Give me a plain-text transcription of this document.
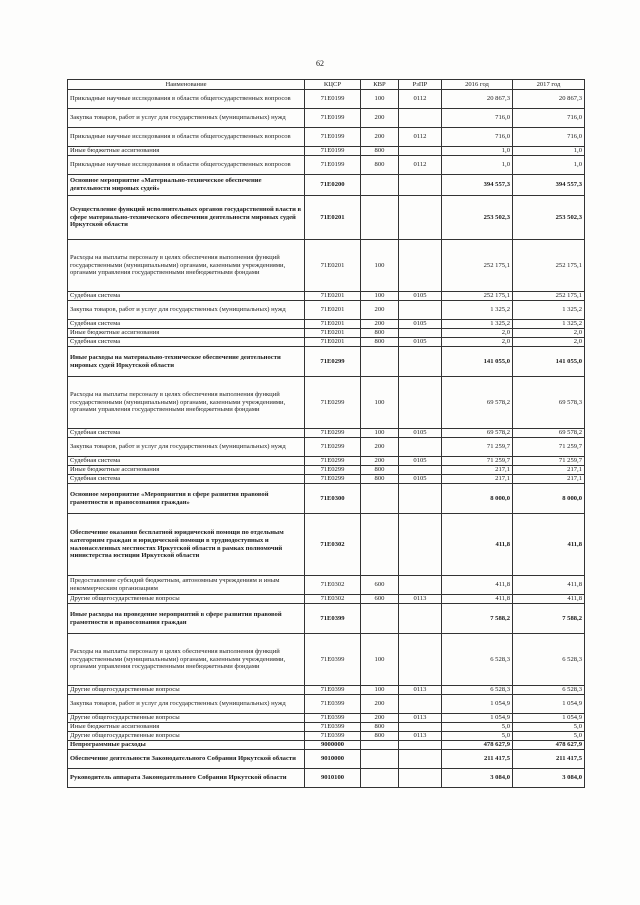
62
Наименование	КЦСР	КВР	РзПР	2016 год	2017 год
Прикладные научные исследования в области общегосударственных вопросов	71Е0199	100	0112	20 867,3	20 867,3
Закупка товаров, работ и услуг для государственных (муниципальных) нужд	71Е0199	200		716,0	716,0
Прикладные научные исследования в области общегосударственных вопросов	71Е0199	200	0112	716,0	716,0
Иные бюджетные ассигнования	71Е0199	800		1,0	1,0
Прикладные научные исследования в области общегосударственных вопросов	71Е0199	800	0112	1,0	1,0
Основное мероприятие «Материально-техническое обеспечение деятельности мировых судей»	71Е0200			394 557,3	394 557,3
Осуществление функций исполнительных органов государственной власти в сфере материально-технического обеспечения деятельности мировых судей Иркутской области	71Е0201			253 502,3	253 502,3
Расходы на выплаты персоналу в целях обеспечения выполнения функций государственными (муниципальными) органами, казенными учреждениями, органами управления государственными внебюджетными фондами	71Е0201	100		252 175,1	252 175,1
Судебная система	71Е0201	100	0105	252 175,1	252 175,1
Закупка товаров, работ и услуг для государственных (муниципальных) нужд	71Е0201	200		1 325,2	1 325,2
Судебная система	71Е0201	200	0105	1 325,2	1 325,2
Иные бюджетные ассигнования	71Е0201	800		2,0	2,0
Судебная система	71Е0201	800	0105	2,0	2,0
Иные расходы на материально-техническое обеспечение деятельности мировых судей Иркутской области	71Е0299			141 055,0	141 055,0
Расходы на выплаты персоналу в целях обеспечения выполнения функций государственными (муниципальными) органами, казенными учреждениями, органами управления государственными внебюджетными фондами	71Е0299	100		69 578,2	69 578,3
Судебная система	71Е0299	100	0105	69 578,2	69 578,2
Закупка товаров, работ и услуг для государственных (муниципальных) нужд	71Е0299	200		71 259,7	71 259,7
Судебная система	71Е0299	200	0105	71 259,7	71 259,7
Иные бюджетные ассигнования	71Е0299	800		217,1	217,1
Судебная система	71Е0299	800	0105	217,1	217,1
Основное мероприятие «Мероприятия в сфере развития правовой грамотности и правосознания граждан»	71Е0300			8 000,0	8 000,0
Обеспечение оказания бесплатной юридической помощи по отдельным категориям граждан и юридической помощи в труднодоступных и малонаселенных местностях Иркутской области в рамках полномочий министерства юстиции Иркутской области	71Е0302			411,8	411,8
Предоставление субсидий бюджетным, автономным учреждениям и иным некоммерческим организациям	71Е0302	600		411,8	411,8
Другие общегосударственные вопросы	71Е0302	600	0113	411,8	411,8
Иные расходы на проведение мероприятий в сфере развития правовой грамотности и правосознания граждан	71Е0399			7 588,2	7 588,2
Расходы на выплаты персоналу в целях обеспечения выполнения функций государственными (муниципальными) органами, казенными учреждениями, органами управления государственными внебюджетными фондами	71Е0399	100		6 528,3	6 528,3
Другие общегосударственные вопросы	71Е0399	100	0113	6 528,3	6 528,3
Закупка товаров, работ и услуг для государственных (муниципальных) нужд	71Е0399	200		1 054,9	1 054,9
Другие общегосударственные вопросы	71Е0399	200	0113	1 054,9	1 054,9
Иные бюджетные ассигнования	71Е0399	800		5,0	5,0
Другие общегосударственные вопросы	71Е0399	800	0113	5,0	5,0
Непрограммные расходы	9000000			478 627,9	478 627,9
Обеспечение деятельности Законодательного Собрания Иркутской области	9010000			211 417,5	211 417,5
Руководитель аппарата Законодательного Собрания Иркутской области	9010100			3 084,0	3 084,0
